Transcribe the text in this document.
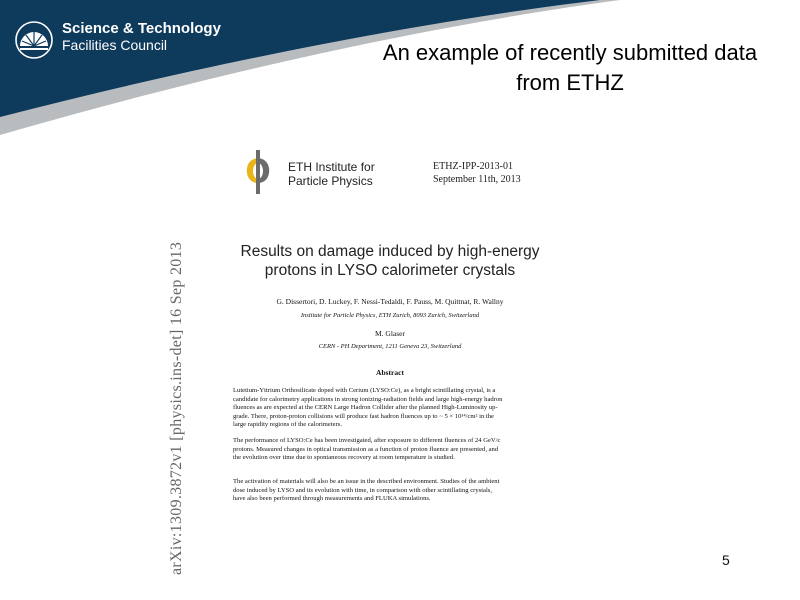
Science & Technology
Facilities Council	An example of recently submitted data
from ETHZ
arXiv:1309.3872v1 [physics.ins-det] 16 Sep 2013
ETH Institute for
Particle Physics
ETHZ-IPP-2013-01
September 11th, 2013
Results on damage induced by high-energy
protons in LYSO calorimeter crystals
G. Dissertori, D. Luckey, F. Nessi-Tedaldi, F. Pauss, M. Quittnat, R. Wallny
Institute for Particle Physics, ETH Zurich, 8093 Zurich, Switzerland
M. Glaser
CERN - PH Department, 1211 Geneva 23, Switzerland
Abstract
Lutetium-Yttrium Orthosilicate doped with Cerium (LYSO:Ce), as a bright scintillating crystal, is a
candidate for calorimetry applications in strong ionizing-radiation fields and large high-energy hadron
fluences as are expected at the CERN Large Hadron Collider after the planned High-Luminosity up-
grade. There, proton-proton collisions will produce fast hadron fluences up to ~ 5 × 10¹⁴/cm² in the
large rapidity regions of the calorimeters.
The performance of LYSO:Ce has been investigated, after exposure to different fluences of 24 GeV/c
protons. Measured changes in optical transmission as a function of proton fluence are presented, and
the evolution over time due to spontaneous recovery at room temperature is studied.
The activation of materials will also be an issue in the described environment. Studies of the ambient
dose induced by LYSO and its evolution with time, in comparison with other scintillating crystals,
have also been performed through measurements and FLUKA simulations.
5
